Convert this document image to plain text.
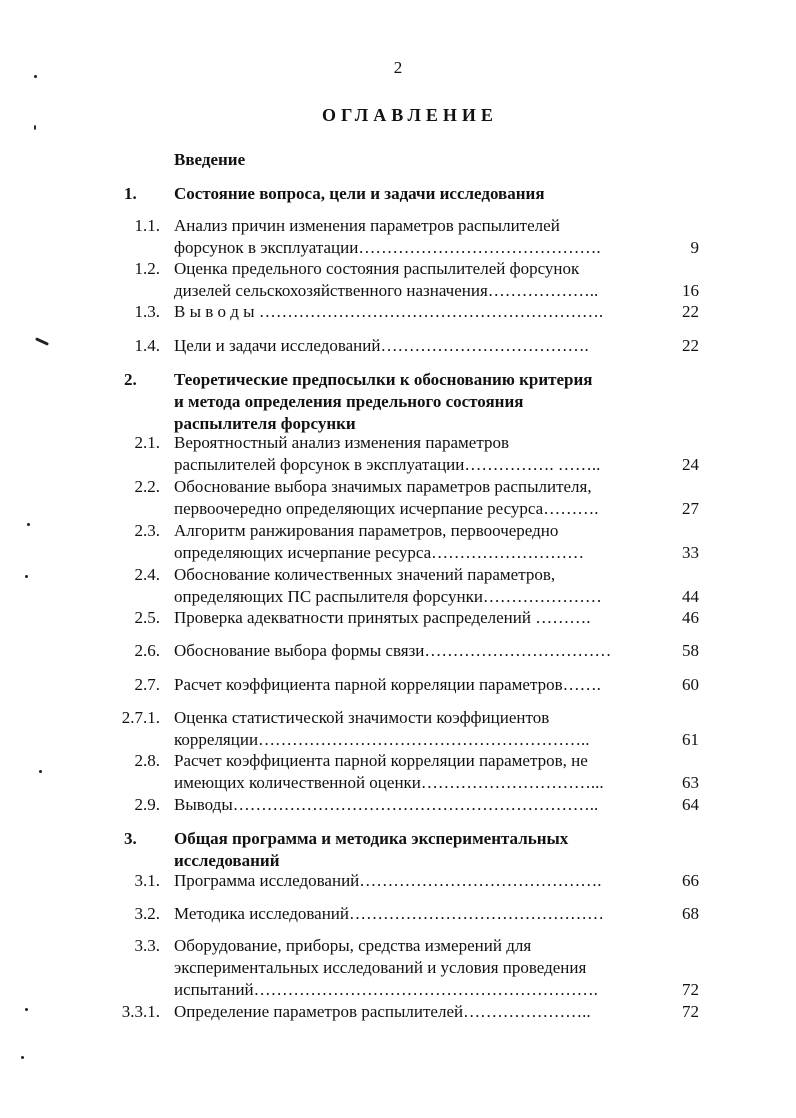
2
ОГЛАВЛЕНИЕ
Введение
1. Состояние вопроса, цели и задачи исследования
1.1. Анализ причин изменения параметров распылителей
форсунок в эксплуатации…………………………………….	9
1.2. Оценка предельного состояния распылителей форсунок
дизелей сельскохозяйственного назначения………………..	16
1.3. В ы в о д ы …………………………………………………….	22
1.4. Цели и задачи исследований……………………………….	22
2. Теоретические предпосылки к обоснованию критерия
и метода определения предельного состояния
распылителя форсунки
2.1. Вероятностный анализ изменения параметров
распылителей форсунок в эксплуатации……………. ……..	24
2.2. Обоснование выбора значимых параметров распылителя,
первоочередно определяющих исчерпание ресурса……….	27
2.3. Алгоритм ранжирования параметров, первоочередно
определяющих исчерпание ресурса………………………	33
2.4. Обоснование количественных значений параметров,
определяющих ПС распылителя форсунки…………………	44
2.5. Проверка адекватности принятых распределений ……….	46
2.6. Обоснование выбора формы связи……………………………	58
2.7. Расчет коэффициента парной корреляции параметров…….	60
2.7.1. Оценка статистической значимости коэффициентов
корреляции…………………………………………………..	61
2.8. Расчет коэффициента парной корреляции параметров, не
имеющих количественной оценки…………………………...	63
2.9. Выводы………………………………………………………..	64
3. Общая программа и методика экспериментальных
исследований
3.1. Программа исследований…………………………………….	66
3.2. Методика исследований………………………………………	68
3.3. Оборудование, приборы, средства измерений для
экспериментальных исследований и условия проведения
испытаний…………………………………………………….	72
3.3.1. Определение параметров распылителей…………………..	72
